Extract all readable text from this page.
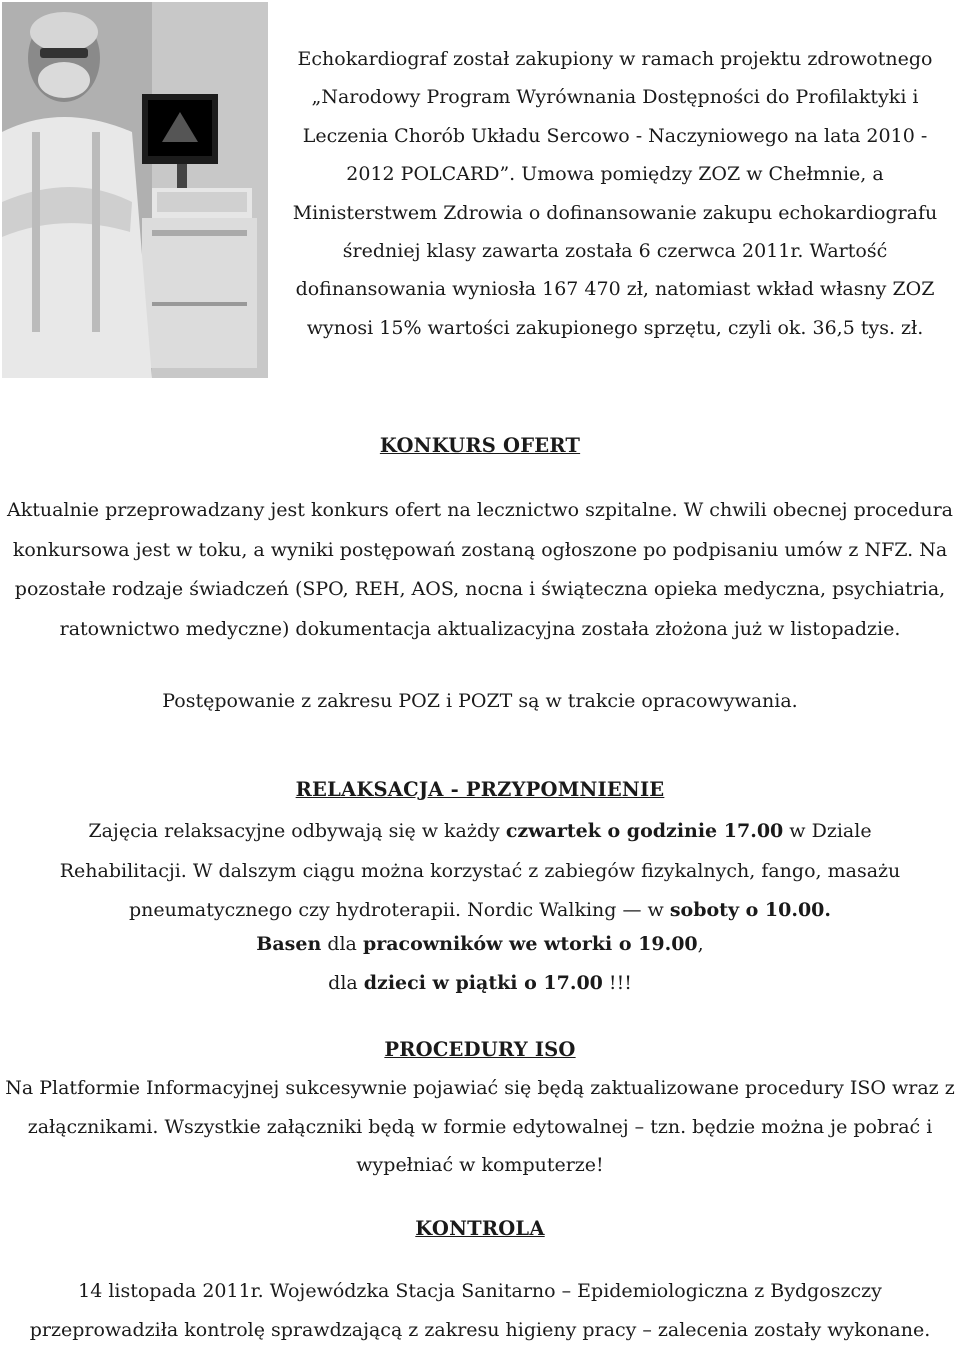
Echokardiograf został zakupiony w ramach projektu zdrowotnego „Narodowy Program Wyrównania Dostępności do Profilaktyki i Leczenia Chorób Układu Sercowo - Naczyniowego na lata 2010 - 2012 POLCARD”. Umowa pomiędzy ZOZ w Chełmnie, a Ministerstwem Zdrowia o dofinansowanie zakupu echokardiografu średniej klasy zawarta została 6 czerwca 2011r. Wartość dofinansowania wyniosła 167 470 zł, natomiast wkład własny ZOZ wynosi 15% wartości zakupionego sprzętu, czyli ok. 36,5 tys. zł.

KONKURS OFERT

Aktualnie przeprowadzany jest konkurs ofert na lecznictwo szpitalne. W chwili obecnej procedura konkursowa jest w toku, a wyniki postępowań zostaną ogłoszone po podpisaniu umów z NFZ. Na pozostałe rodzaje świadczeń (SPO, REH, AOS, nocna i świąteczna opieka medyczna, psychiatria, ratownictwo medyczne) dokumentacja aktualizacyjna została złożona już w listopadzie.

Postępowanie z zakresu POZ i POZT są w trakcie opracowywania.

RELAKSACJA - PRZYPOMNIENIE

Zajęcia relaksacyjne odbywają się w każdy czwartek o godzinie 17.00 w Dziale Rehabilitacji. W dalszym ciągu można korzystać z zabiegów fizykalnych, fango, masażu pneumatycznego czy hydroterapii. Nordic Walking — w soboty o 10.00.

Basen dla pracowników we wtorki o 19.00,

dla dzieci w piątki o 17.00 !!!

PROCEDURY ISO

Na Platformie Informacyjnej sukcesywnie pojawiać się będą zaktualizowane procedury ISO wraz z załącznikami. Wszystkie załączniki będą w formie edytowalnej – tzn. będzie można je pobrać i wypełniać w komputerze!

KONTROLA

14 listopada 2011r. Wojewódzka Stacja Sanitarno – Epidemiologiczna z Bydgoszczy przeprowadziła kontrolę sprawdzającą z zakresu higieny pracy – zalecenia zostały wykonane.
